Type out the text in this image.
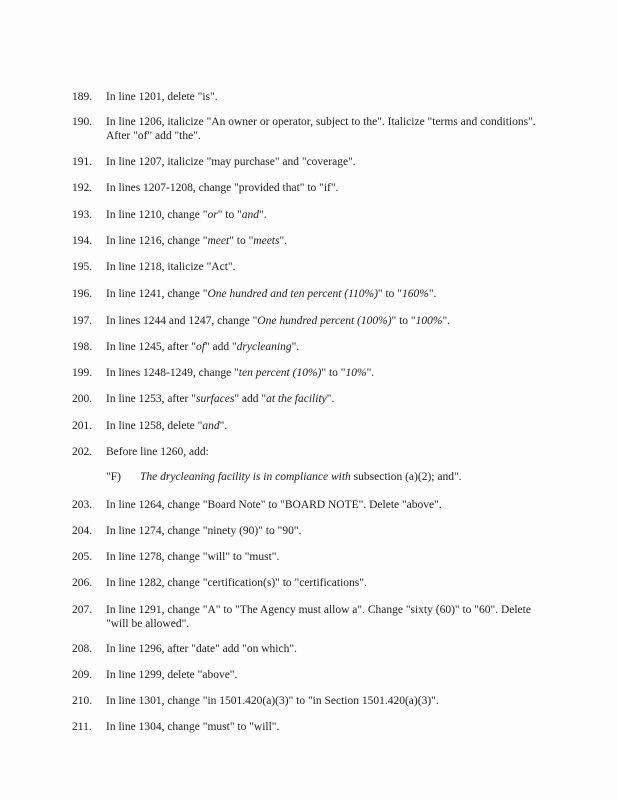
189.	In line 1201, delete "is".
190.	In line 1206, italicize "An owner or operator, subject to the". Italicize "terms and conditions". After "of" add "the".
191.	In line 1207, italicize "may purchase" and "coverage".
192.	In lines 1207-1208, change "provided that" to "if".
193.	In line 1210, change "or" to "and".
194.	In line 1216, change "meet" to "meets".
195.	In line 1218, italicize "Act".
196.	In line 1241, change "One hundred and ten percent (110%)" to "160%".
197.	In lines 1244 and 1247, change "One hundred percent (100%)" to "100%".
198.	In line 1245, after "of" add "drycleaning".
199.	In lines 1248-1249, change "ten percent (10%)" to "10%".
200.	In line 1253, after "surfaces" add "at the facility".
201.	In line 1258, delete "and".
202.	Before line 1260, add:
203.	In line 1264, change "Board Note" to "BOARD NOTE". Delete "above".
204.	In line 1274, change "ninety (90)" to "90".
205.	In line 1278, change "will" to "must".
206.	In line 1282, change "certification(s)" to "certifications".
207.	In line 1291, change "A" to "The Agency must allow a". Change "sixty (60)" to "60". Delete "will be allowed".
208.	In line 1296, after "date" add "on which".
209.	In line 1299, delete "above".
210.	In line 1301, change "in 1501.420(a)(3)" to "in Section 1501.420(a)(3)".
211.	In line 1304, change "must" to "will".
"F) The drycleaning facility is in compliance with subsection (a)(2); and".
